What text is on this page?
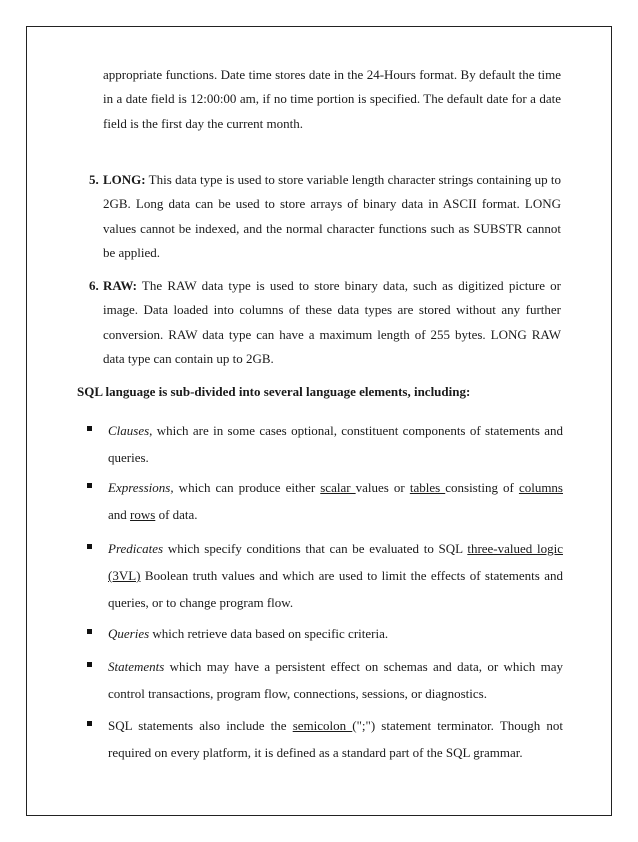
appropriate functions. Date time stores date in the 24-Hours format. By default the time in a date field is 12:00:00 am, if no time portion is specified. The default date for a date field is the first day the current month.

5. LONG: This data type is used to store variable length character strings containing up to 2GB. Long data can be used to store arrays of binary data in ASCII format. LONG values cannot be indexed, and the normal character functions such as SUBSTR cannot be applied.
6. RAW: The RAW data type is used to store binary data, such as digitized picture or image. Data loaded into columns of these data types are stored without any further conversion. RAW data type can have a maximum length of 255 bytes. LONG RAW data type can contain up to 2GB.

SQL language is sub-divided into several language elements, including:

Clauses, which are in some cases optional, constituent components of statements and queries.
Expressions, which can produce either scalar values or tables consisting of columns and rows of data.
Predicates which specify conditions that can be evaluated to SQL three-valued logic (3VL) Boolean truth values and which are used to limit the effects of statements and queries, or to change program flow.
Queries which retrieve data based on specific criteria.
Statements which may have a persistent effect on schemas and data, or which may control transactions, program flow, connections, sessions, or diagnostics.
SQL statements also include the semicolon (";") statement terminator. Though not required on every platform, it is defined as a standard part of the SQL grammar.
